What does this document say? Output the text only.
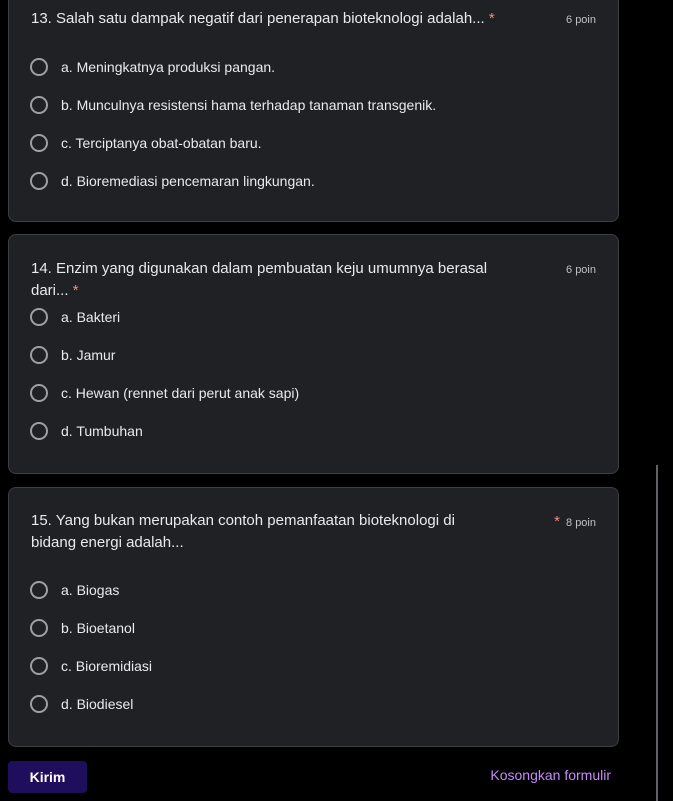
13. Salah satu dampak negatif dari penerapan bioteknologi adalah... *	6 poin
a. Meningkatnya produksi pangan.
b. Munculnya resistensi hama terhadap tanaman transgenik.
c. Terciptanya obat-obatan baru.
d. Bioremediasi pencemaran lingkungan.
14. Enzim yang digunakan dalam pembuatan keju umumnya berasal dari... *
6 poin
a. Bakteri
b. Jamur
c. Hewan (rennet dari perut anak sapi)
d. Tumbuhan
15. Yang bukan merupakan contoh pemanfaatan bioteknologi di bidang energi adalah...
* 8 poin
a. Biogas
b. Bioetanol
c. Bioremidiasi
d. Biodiesel
Kirim	Kosongkan formulir
